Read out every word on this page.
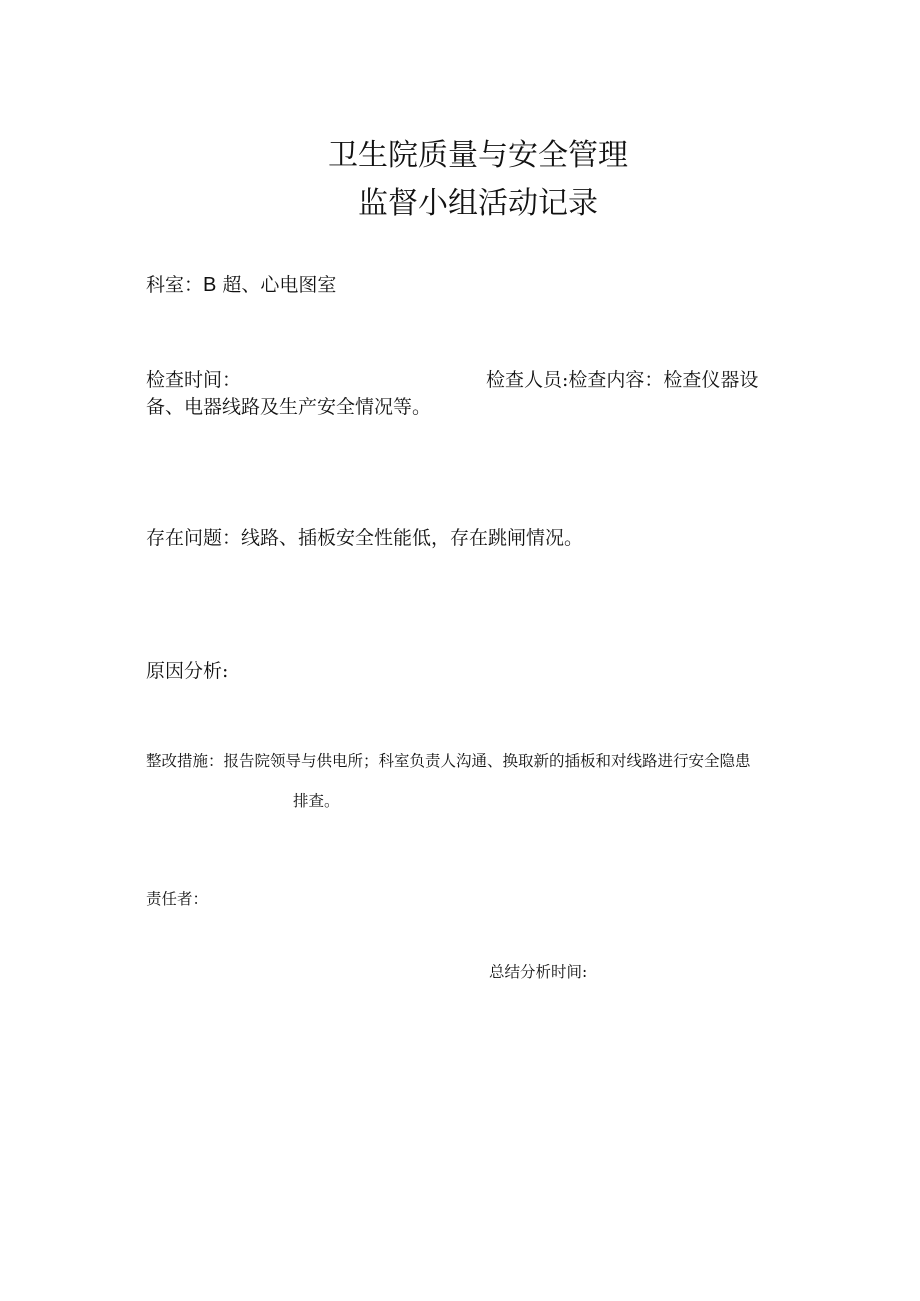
卫生院质量与安全管理
监督小组活动记录
科室：B 超、心电图室
检查时间：	检查人员:检查内容：检查仪器设
备、电器线路及生产安全情况等。
存在问题：线路、插板安全性能低，存在跳闸情况。
原因分析:
整改措施：报告院领导与供电所；科室负责人沟通、换取新的插板和对线路进行安全隐患
排查。
责任者：
总结分析时间:
